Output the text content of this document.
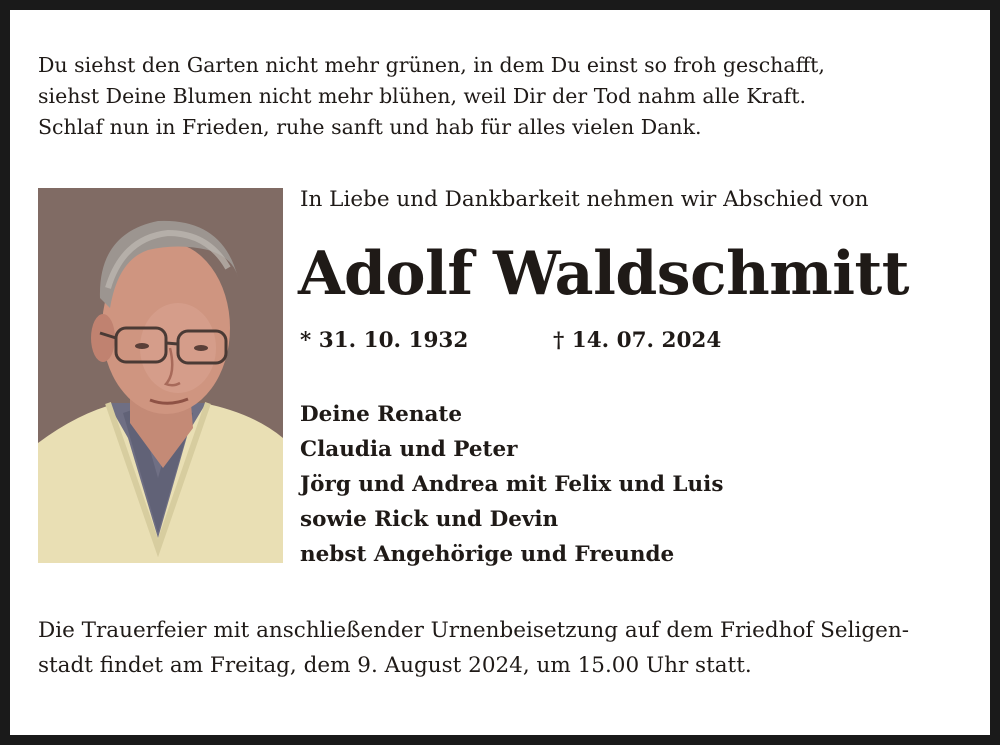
Du siehst den Garten nicht mehr grünen, in dem Du einst so froh geschafft,
siehst Deine Blumen nicht mehr blühen, weil Dir der Tod nahm alle Kraft.
Schlaf nun in Frieden, ruhe sanft und hab für alles vielen Dank.
In Liebe und Dankbarkeit nehmen wir Abschied von
Adolf Waldschmitt
* 31. 10. 1932	† 14. 07. 2024
Deine Renate
Claudia und Peter
Jörg und Andrea mit Felix und Luis
sowie Rick und Devin
nebst Angehörige und Freunde
Die Trauerfeier mit anschließender Urnenbeisetzung auf dem Friedhof Seligen-
stadt findet am Freitag, dem 9. August 2024, um 15.00 Uhr statt.
